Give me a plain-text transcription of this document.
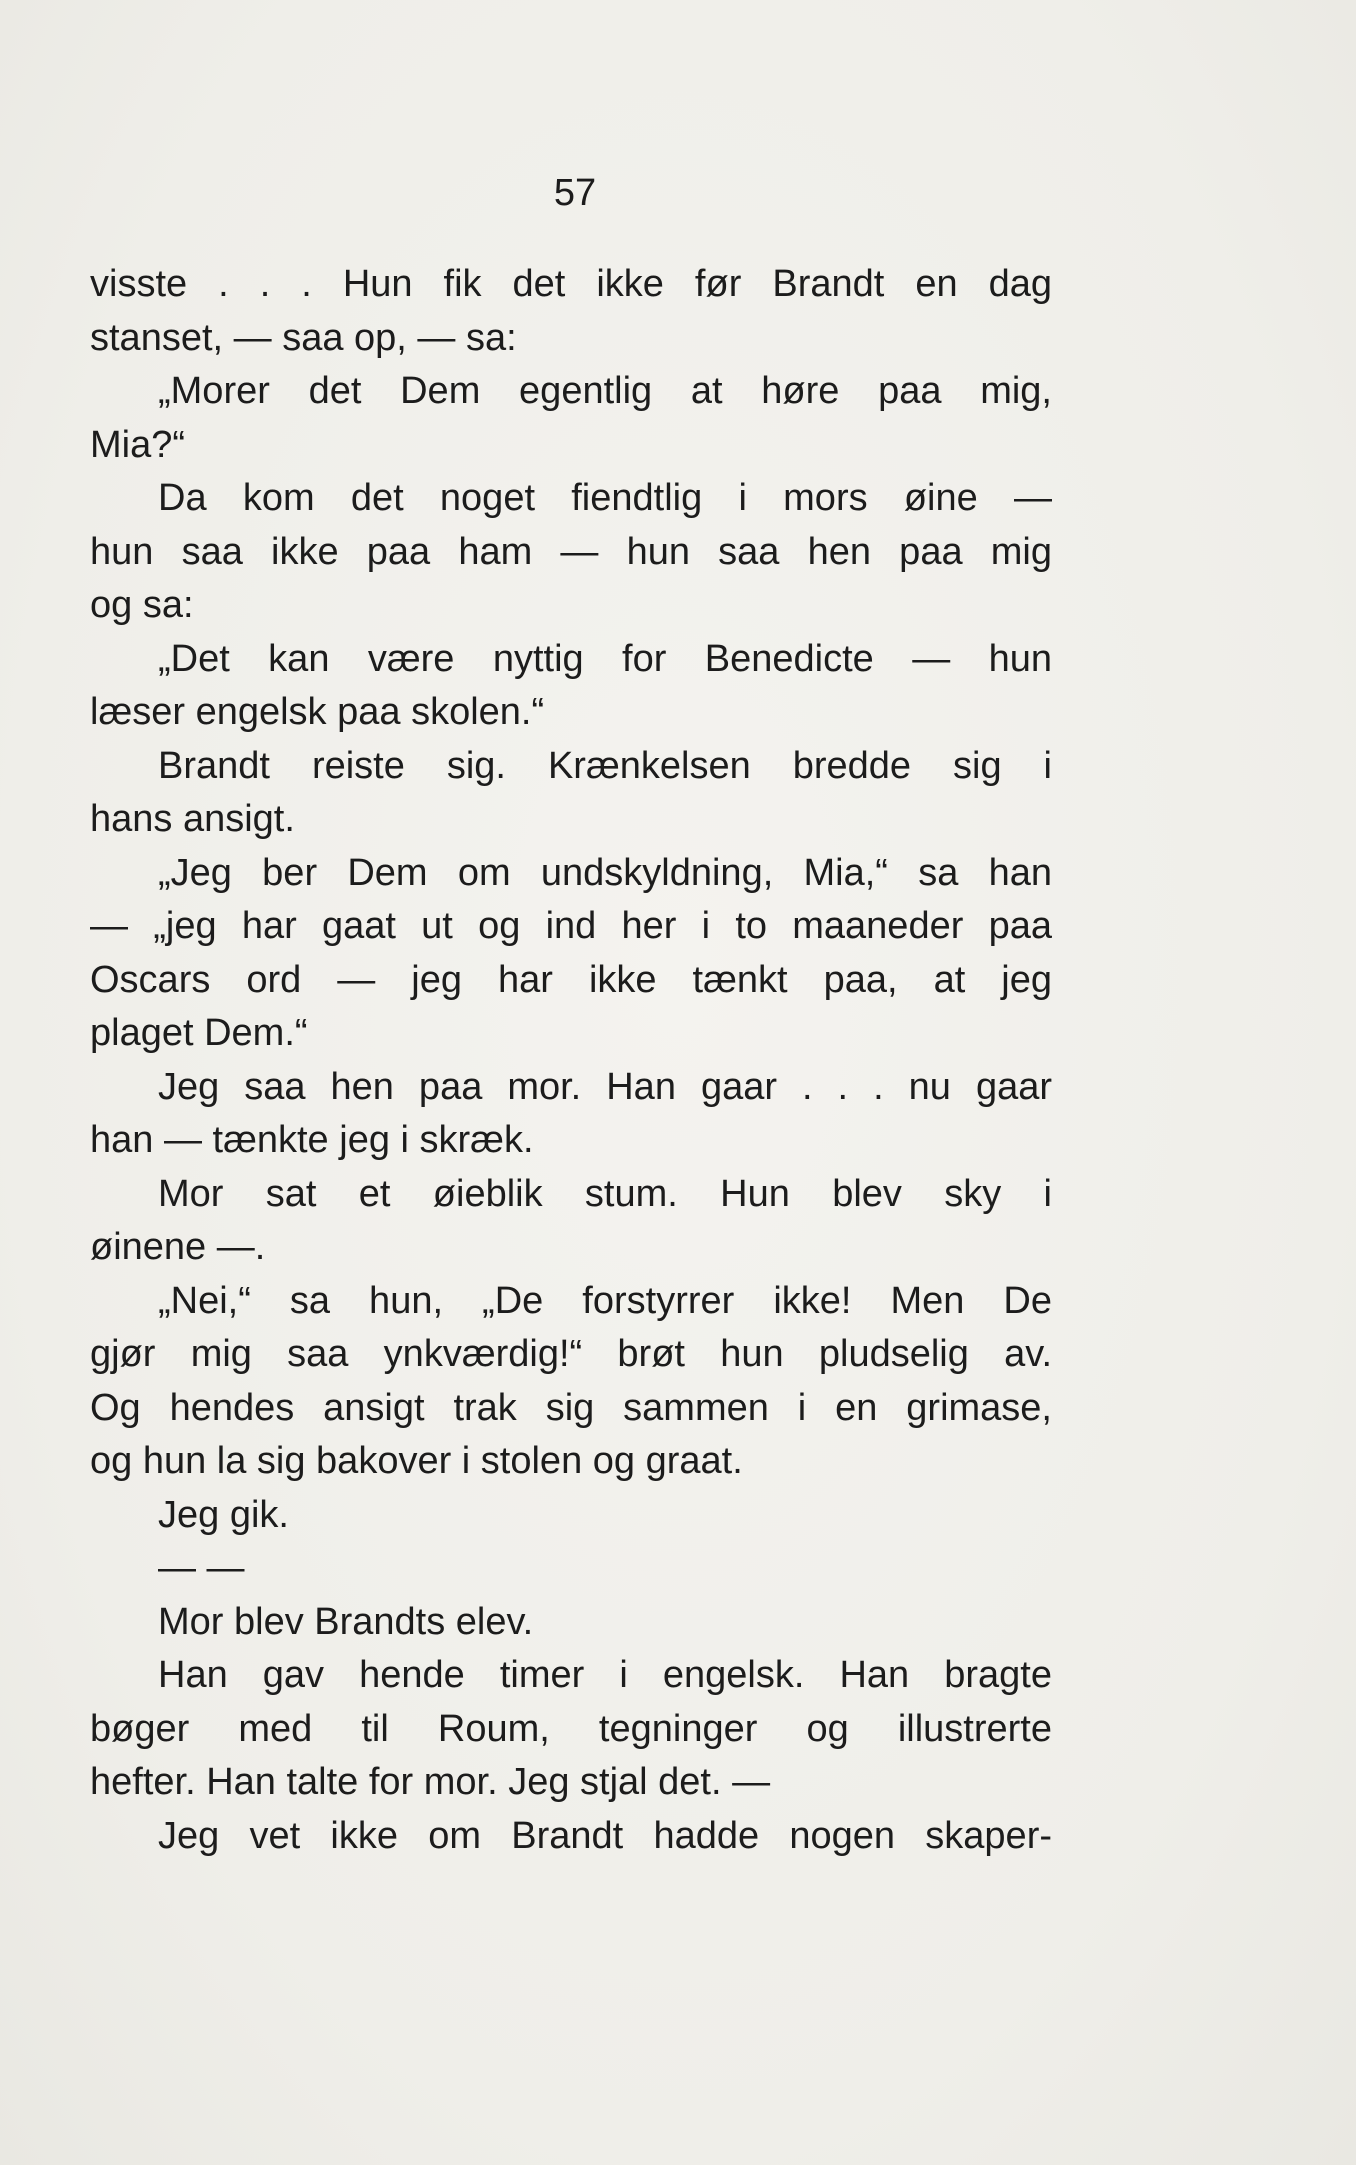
57
visste . . . Hun fik det ikke før Brandt en dag
stanset, — saa op, — sa:
„Morer det Dem egentlig at høre paa mig,
Mia?“
Da kom det noget fiendtlig i mors øine —
hun saa ikke paa ham — hun saa hen paa mig
og sa:
„Det kan være nyttig for Benedicte — hun
læser engelsk paa skolen.“
Brandt reiste sig. Krænkelsen bredde sig i
hans ansigt.
„Jeg ber Dem om undskyldning, Mia,“ sa han
— „jeg har gaat ut og ind her i to maaneder paa
Oscars ord — jeg har ikke tænkt paa, at jeg
plaget Dem.“
Jeg saa hen paa mor. Han gaar . . . nu gaar
han — tænkte jeg i skræk.
Mor sat et øieblik stum. Hun blev sky i
øinene —.
„Nei,“ sa hun, „De forstyrrer ikke! Men De
gjør mig saa ynkværdig!“ brøt hun pludselig av.
Og hendes ansigt trak sig sammen i en grimase,
og hun la sig bakover i stolen og graat.
Jeg gik.
— —
Mor blev Brandts elev.
Han gav hende timer i engelsk. Han bragte
bøger med til Roum, tegninger og illustrerte
hefter. Han talte for mor. Jeg stjal det. —
Jeg vet ikke om Brandt hadde nogen skaper-
